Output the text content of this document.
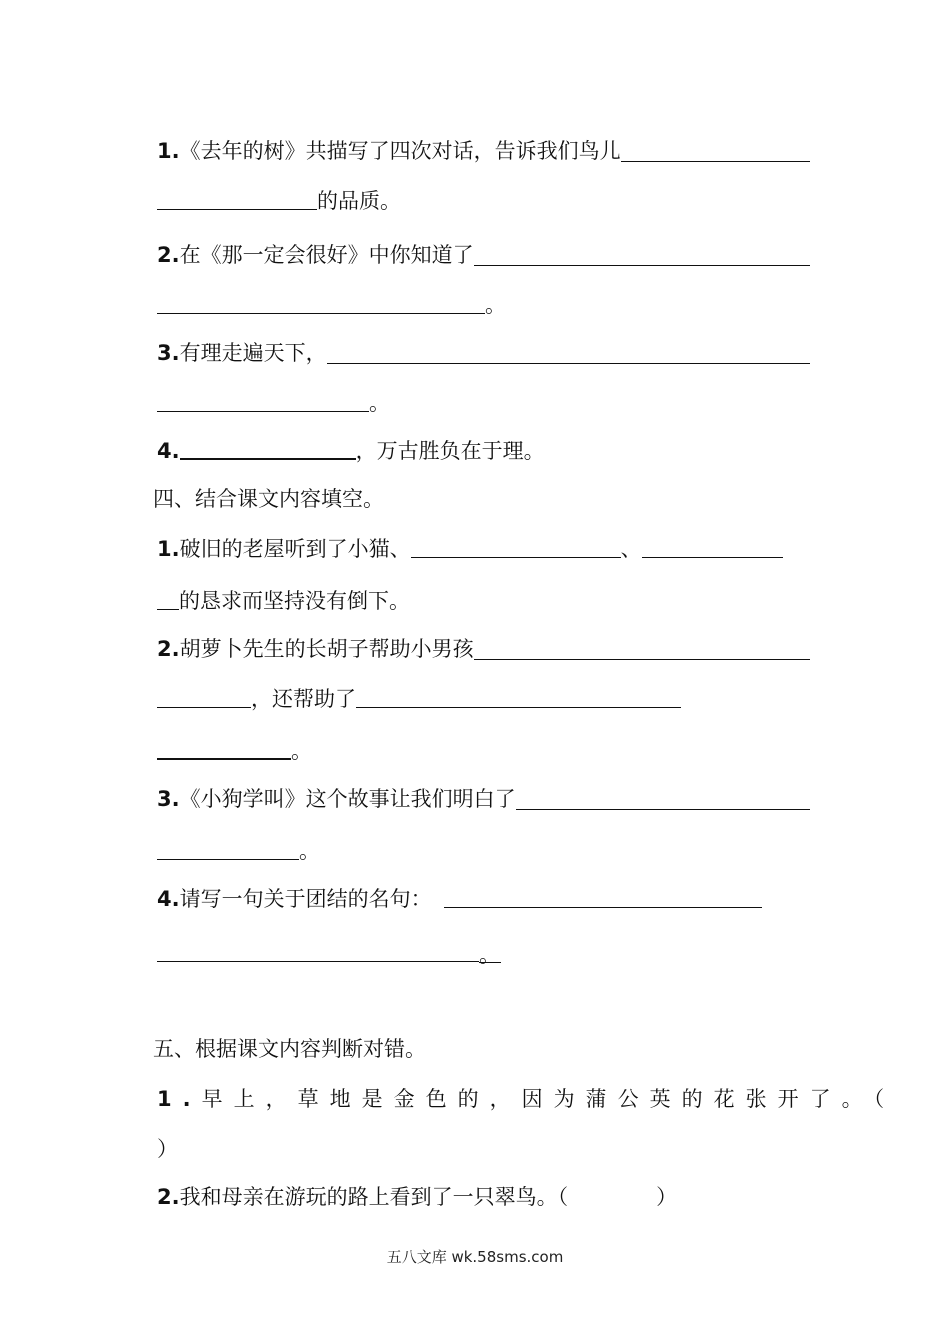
1. 《去年的树》共描写了四次对话，告诉我们鸟儿
的品质。
2. 在《那一定会很好》中你知道了
。
3. 有理走遍天下，
。
4.	，万古胜负在于理。
四、结合课文内容填空。
1.破旧的老屋听到了小猫、	、
的恳求而坚持没有倒下。
2. 胡萝卜先生的长胡子帮助小男孩
，还帮助了
。
3. 《小狗学叫》这个故事让我们明白了
。
4.请写一句关于团结的名句：
。
五、根据课文内容判断对错。
1.早上，草地是金色的，因为蒲公英的花张开了。（
）
2.我和母亲在游玩的路上看到了一只翠鸟。（	）
五八文库 wk.58sms.com
